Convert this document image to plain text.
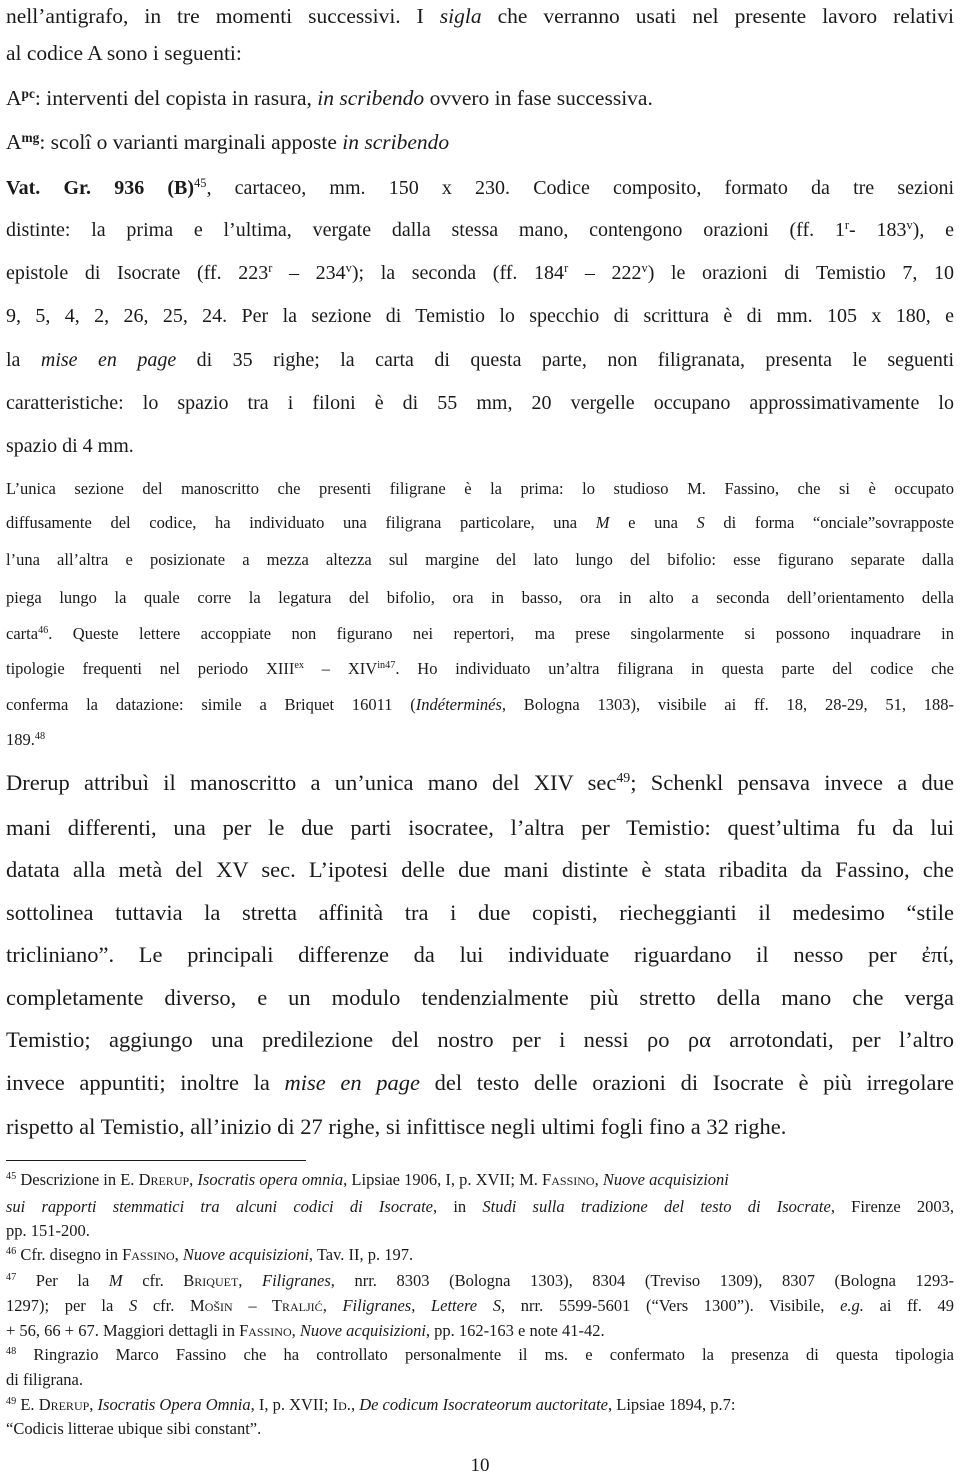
nell’antigrafo, in tre momenti successivi. I sigla che verranno usati nel presente lavoro relativi
al codice A sono i seguenti:
$A^{pc}$: interventi del copista in rasura, in scribendo ovvero in fase successiva.
$A^{mg}$: scolî o varianti marginali apposte in scribendo
Vat. Gr. 936 $(B)^{45}$, cartaceo, mm. 150 x 230. Codice composito, formato da tre sezioni
distinte: la prima e l’ultima, vergate dalla stessa mano, contengono orazioni (ff. 1$^r$- 183$^v$), e
epistole di Isocrate (ff. 223$^r$ – 234$^v$); la seconda (ff. 184$^r$ – 222$^v$) le orazioni di Temistio 7, 10
9, 5, 4, 2, 26, 25, 24. Per la sezione di Temistio lo specchio di scrittura è di mm. 105 x 180, e
la mise en page di 35 righe; la carta di questa parte, non filigranata, presenta le seguenti
caratteristiche: lo spazio tra i filoni è di 55 mm, 20 vergelle occupano approssimativamente lo
spazio di 4 mm.
L’unica sezione del manoscritto che presenti filigrane è la prima: lo studioso M. Fassino, che si è occupato
diffusamente del codice, ha individuato una filigrana particolare, una M e una S di forma “onciale”sovrapposte
l’una all’altra e posizionate a mezza altezza sul margine del lato lungo del bifolio: esse figurano separate dalla
piega lungo la quale corre la legatura del bifolio, ora in basso, ora in alto a seconda dell’orientamento della
carta$^{46}$. Queste lettere accoppiate non figurano nei repertori, ma prese singolarmente si possono inquadrare in
tipologie frequenti nel periodo $XIII^{ex} - XIV^{in47}$. Ho individuato un’altra filigrana in questa parte del codice che
conferma la datazione: simile a Briquet 16011 (Indéterminés, Bologna 1303), visibile ai ff. 18, 28-29, 51, 188-
189.48
Drerup attribuì il manoscritto a un’unica mano del XIV $\sec^{49}$; Schenkl pensava invece a due
mani differenti, una per le due parti isocratee, l’altra per Temistio: quest’ultima fu da lui
datata alla metà del XV sec. L’ipotesi delle due mani distinte è stata ribadita da Fassino, che
sottolinea tuttavia la stretta affinità tra i due copisti, riecheggianti il medesimo “stile
tricliniano”. Le principali differenze da lui individuate riguardano il nesso per ἐπί,
completamente diverso, e un modulo tendenzialmente più stretto della mano che verga
Temistio; aggiungo una predilezione del nostro per i nessi ρο ρα arrotondati, per l’altro
invece appuntiti; inoltre la mise en page del testo delle orazioni di Isocrate è più irregolare
rispetto al Temistio, all’inizio di 27 righe, si infittisce negli ultimi fogli fino a 32 righe.
$^{45}$ Descrizione in E. Drerup, Isocratis opera omnia, Lipsiae 1906, I, p. XVII; M. Fassino, Nuove acquisizioni
sui rapporti stemmatici tra alcuni codici di Isocrate, in Studi sulla tradizione del testo di Isocrate, Firenze 2003,
pp. 151-200.
$^{46}$ Cfr. disegno in Fassino, Nuove acquisizioni, Tav. II, p. 197.
$^{47}$ Per la M cfr. Briquet, Filigranes, nrr. 8303 (Bologna 1303), 8304 (Treviso 1309), 8307 (Bologna 1293-
1297); per la S cfr. Mošin – Traljić, Filigranes, Lettere S, nrr. 5599-5601 (“Vers 1300”). Visibile, e.g. ai ff. 49
+ 56, 66 + 67. Maggiori dettagli in Fassino, Nuove acquisizioni, pp. 162-163 e note 41-42.
$^{48}$ Ringrazio Marco Fassino che ha controllato personalmente il ms. e confermato la presenza di questa tipologia
di filigrana.
$^{49}$ E. Drerup, Isocratis Opera Omnia, I, p. XVII; Id., De codicum Isocrateorum auctoritate, Lipsiae 1894, p.7:
“Codicis litterae ubique sibi constant”.
10
